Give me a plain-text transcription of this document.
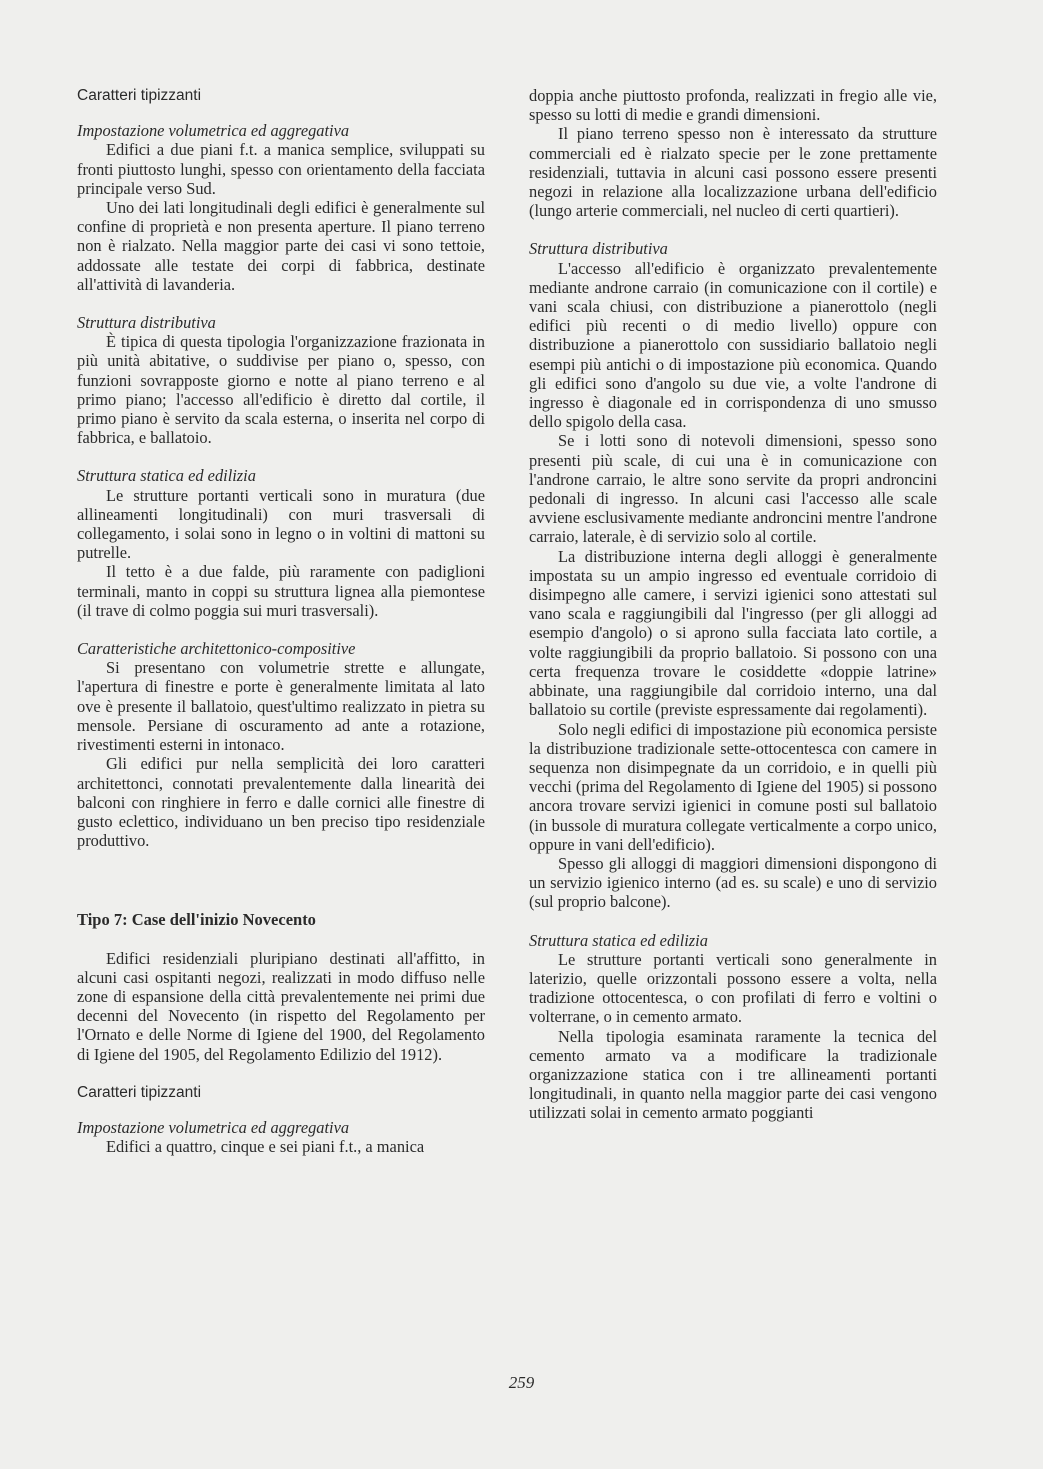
Caratteri tipizzanti
Impostazione volumetrica ed aggregativa

Edifici a due piani f.t. a manica semplice, sviluppati su fronti piuttosto lunghi, spesso con orientamento della facciata principale verso Sud.

Uno dei lati longitudinali degli edifici è generalmente sul confine di proprietà e non presenta aperture. Il piano terreno non è rialzato. Nella maggior parte dei casi vi sono tettoie, addossate alle testate dei corpi di fabbrica, destinate all'attività di lavanderia.

Struttura distributiva

È tipica di questa tipologia l'organizzazione frazionata in più unità abitative, o suddivise per piano o, spesso, con funzioni sovrapposte giorno e notte al piano terreno e al primo piano; l'accesso all'edificio è diretto dal cortile, il primo piano è servito da scala esterna, o inserita nel corpo di fabbrica, e ballatoio.

Struttura statica ed edilizia

Le strutture portanti verticali sono in muratura (due allineamenti longitudinali) con muri trasversali di collegamento, i solai sono in legno o in voltini di mattoni su putrelle.

Il tetto è a due falde, più raramente con padiglioni terminali, manto in coppi su struttura lignea alla piemontese (il trave di colmo poggia sui muri trasversali).

Caratteristiche architettonico-compositive

Si presentano con volumetrie strette e allungate, l'apertura di finestre e porte è generalmente limitata al lato ove è presente il ballatoio, quest'ultimo realizzato in pietra su mensole. Persiane di oscuramento ad ante a rotazione, rivestimenti esterni in intonaco.

Gli edifici pur nella semplicità dei loro caratteri architettonci, connotati prevalentemente dalla linearità dei balconi con ringhiere in ferro e dalle cornici alle finestre di gusto eclettico, individuano un ben preciso tipo residenziale produttivo.

Tipo 7: Case dell'inizio Novecento

Edifici residenziali pluripiano destinati all'affitto, in alcuni casi ospitanti negozi, realizzati in modo diffuso nelle zone di espansione della città prevalentemente nei primi due decenni del Novecento (in rispetto del Regolamento per l'Ornato e delle Norme di Igiene del 1900, del Regolamento di Igiene del 1905, del Regolamento Edilizio del 1912).

Caratteri tipizzanti
Impostazione volumetrica ed aggregativa

Edifici a quattro, cinque e sei piani f.t., a manica

doppia anche piuttosto profonda, realizzati in fregio alle vie, spesso su lotti di medie e grandi dimensioni.

Il piano terreno spesso non è interessato da strutture commerciali ed è rialzato specie per le zone prettamente residenziali, tuttavia in alcuni casi possono essere presenti negozi in relazione alla localizzazione urbana dell'edificio (lungo arterie commerciali, nel nucleo di certi quartieri).

Struttura distributiva

L'accesso all'edificio è organizzato prevalentemente mediante androne carraio (in comunicazione con il cortile) e vani scala chiusi, con distribuzione a pianerottolo (negli edifici più recenti o di medio livello) oppure con distribuzione a pianerottolo con sussidiario ballatoio negli esempi più antichi o di impostazione più economica. Quando gli edifici sono d'angolo su due vie, a volte l'androne di ingresso è diagonale ed in corrispondenza di uno smusso dello spigolo della casa.

Se i lotti sono di notevoli dimensioni, spesso sono presenti più scale, di cui una è in comunicazione con l'androne carraio, le altre sono servite da propri androncini pedonali di ingresso. In alcuni casi l'accesso alle scale avviene esclusivamente mediante androncini mentre l'androne carraio, laterale, è di servizio solo al cortile.

La distribuzione interna degli alloggi è generalmente impostata su un ampio ingresso ed eventuale corridoio di disimpegno alle camere, i servizi igienici sono attestati sul vano scala e raggiungibili dal l'ingresso (per gli alloggi ad esempio d'angolo) o si aprono sulla facciata lato cortile, a volte raggiungibili da proprio ballatoio. Si possono con una certa frequenza trovare le cosiddette «doppie latrine» abbinate, una raggiungibile dal corridoio interno, una dal ballatoio su cortile (previste espressamente dai regolamenti).

Solo negli edifici di impostazione più economica persiste la distribuzione tradizionale sette-ottocentesca con camere in sequenza non disimpegnate da un corridoio, e in quelli più vecchi (prima del Regolamento di Igiene del 1905) si possono ancora trovare servizi igienici in comune posti sul ballatoio (in bussole di muratura collegate verticalmente a corpo unico, oppure in vani dell'edificio).

Spesso gli alloggi di maggiori dimensioni dispongono di un servizio igienico interno (ad es. su scale) e uno di servizio (sul proprio balcone).

Struttura statica ed edilizia

Le strutture portanti verticali sono generalmente in laterizio, quelle orizzontali possono essere a volta, nella tradizione ottocentesca, o con profilati di ferro e voltini o volterrane, o in cemento armato.

Nella tipologia esaminata raramente la tecnica del cemento armato va a modificare la tradizionale organizzazione statica con i tre allineamenti portanti longitudinali, in quanto nella maggior parte dei casi vengono utilizzati solai in cemento armato poggianti

259
